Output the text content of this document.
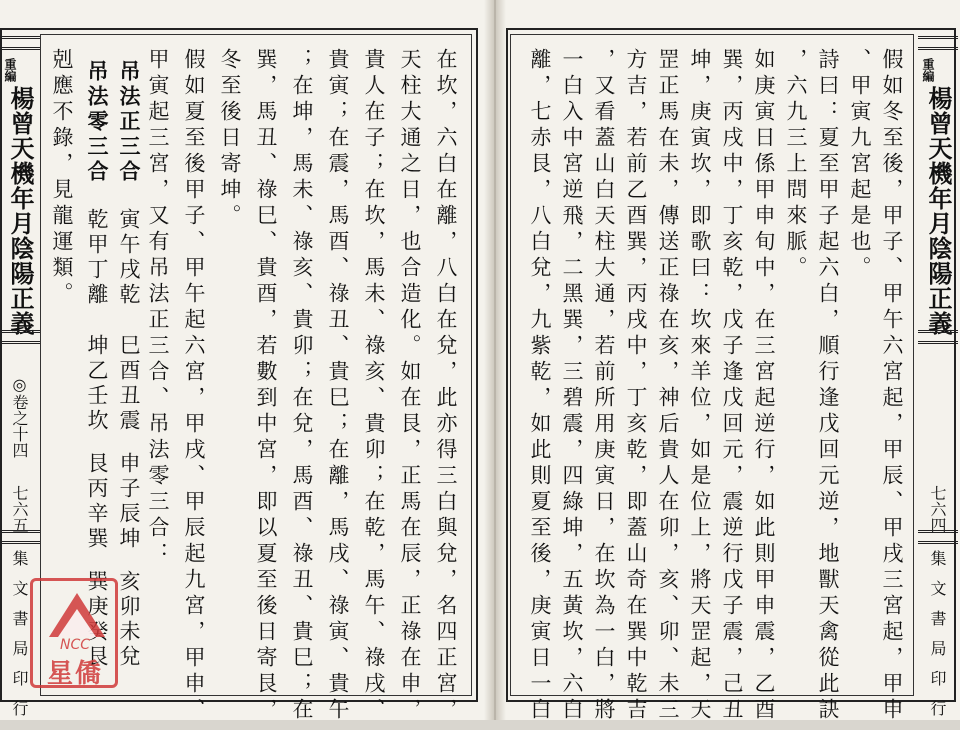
重編
楊曾天機年月陰陽正義
◎卷之十四
七六五
集文書局印行	在坎，六白在離，八白在兌，此亦得三白與兌，名四正宮，
天柱大通之日，也合造化。如在艮，正馬在辰，正祿在申，
貴人在子；在坎，馬未、祿亥、貴卯；在乾，馬午、祿戌、
貴寅；在震，馬酉、祿丑、貴巳；在離，馬戌、祿寅、貴午
；在坤，馬未、祿亥、貴卯；在兌，馬酉、祿丑、貴巳；在
巽，馬丑、祿巳、貴酉，若數到中宮，即以夏至後日寄艮，
冬至後日寄坤。
假如夏至後甲子、甲午起六宮，甲戌、甲辰起九宮，甲申、
甲寅起三宮，又有吊法正三合、吊法零三合：
吊法正三合
寅午戌乾
巳酉丑震
申子辰坤
亥卯未兌
吊法零三合
乾甲丁離
坤乙壬坎
艮丙辛巽
巽庚癸艮
剋應不錄，見龍運類。
NCC
星僑	假如冬至後，甲子、甲午六宮起，甲辰、甲戌三宮起，甲申
、甲寅九宮起是也。
詩曰：夏至甲子起六白，順行逢戊回元逆，地獸天禽從此訣
，六九三上問來脈。
如庚寅日係甲申旬中，在三宮起逆行，如此則甲申震，乙酉
巽，丙戌中，丁亥乾，戊子逢戊回元，震逆行戊子震，己丑
坤，庚寅坎，即歌曰：坎來羊位，如是位上，將天罡起，天
罡正馬在未，傳送正祿在亥，神后貴人在卯，亥、卯、未三
方吉，若前乙酉巽，丙戌中，丁亥乾，即蓋山奇在巽中乾吉
，又看蓋山白天柱大通，若前所用庚寅日，在坎為一白，將
一白入中宮逆飛，二黑巽，三碧震，四綠坤，五黃坎，六白
離，七赤艮，八白兌，九紫乾，如此則夏至後，庚寅日一白	重編
楊曾天機年月陰陽正義
七六四
集文書局印行
